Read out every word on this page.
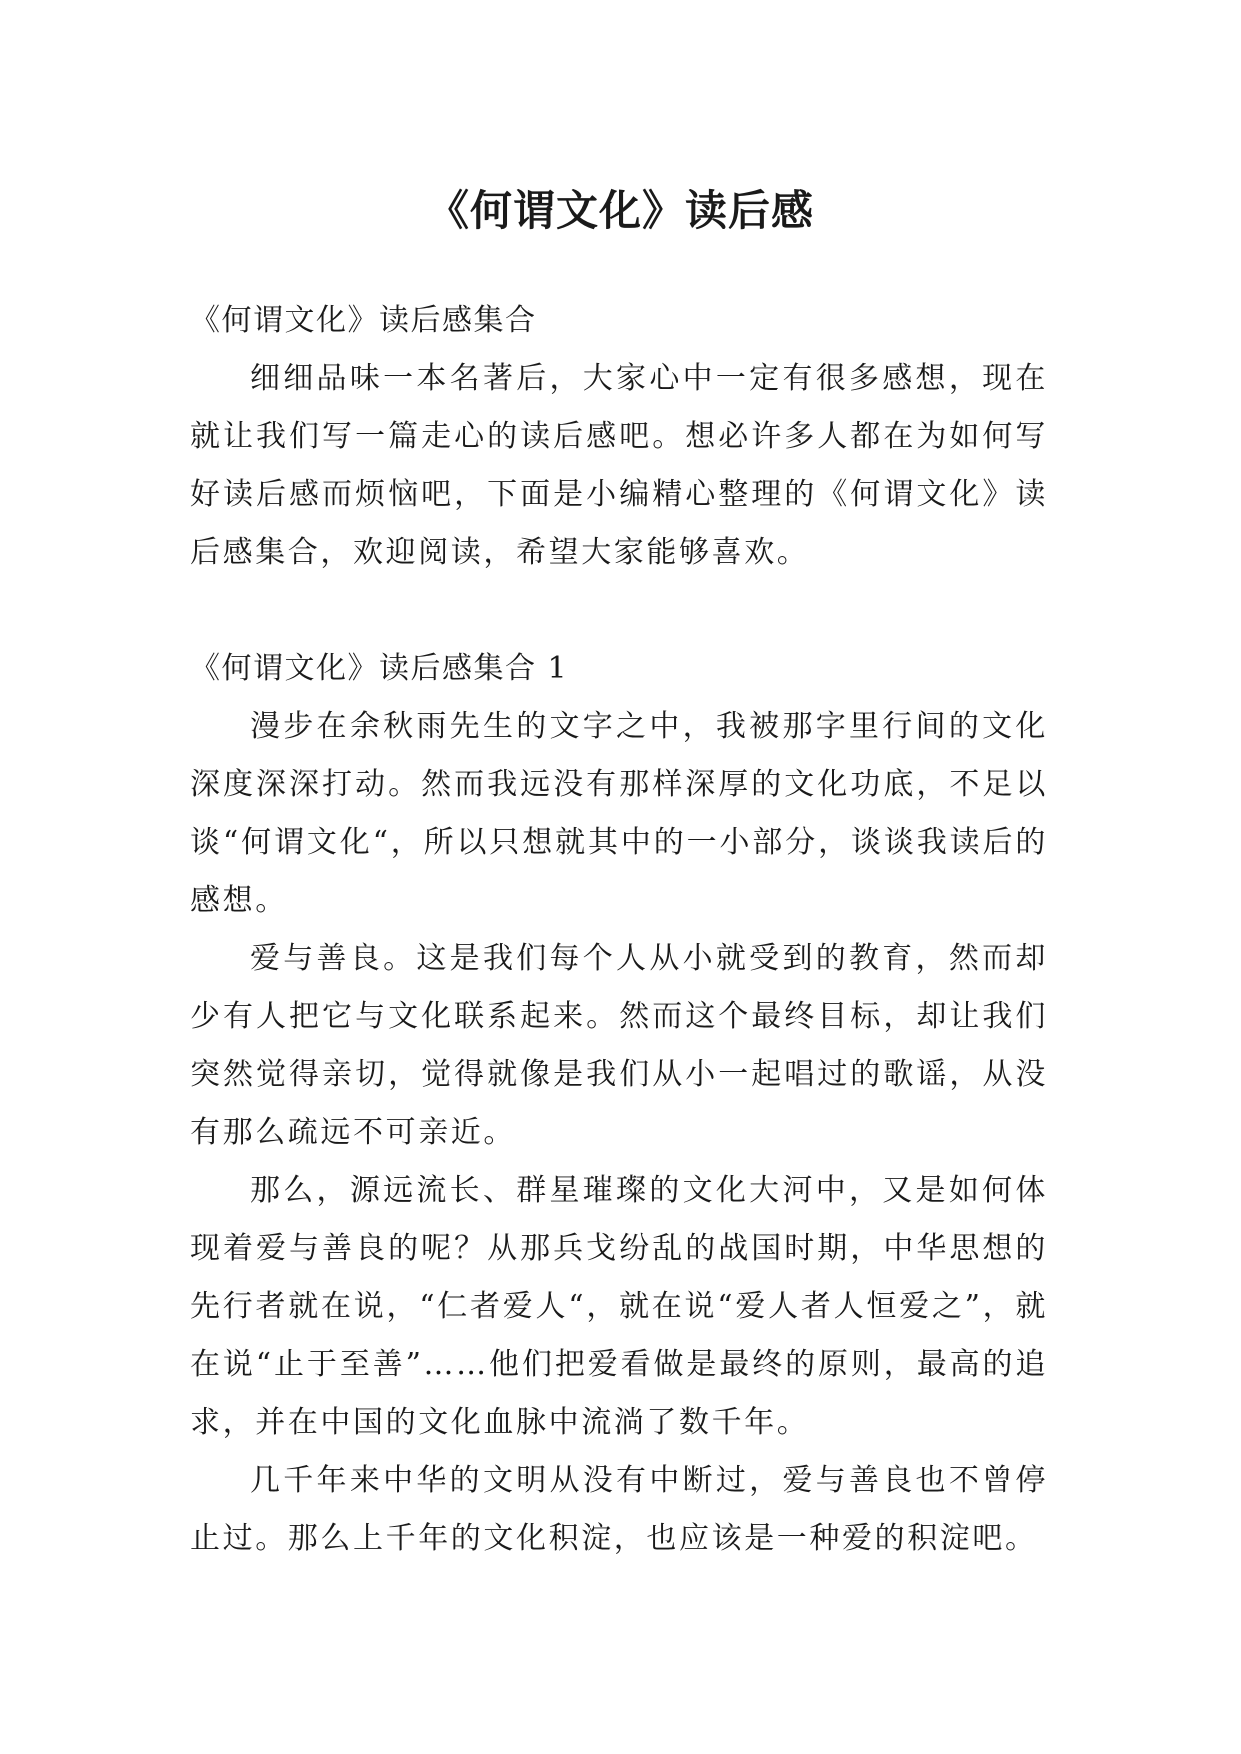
《何谓文化》读后感

《何谓文化》读后感集合

细细品味一本名著后，大家心中一定有很多感想，现在就让我们写一篇走心的读后感吧。想必许多人都在为如何写好读后感而烦恼吧，下面是小编精心整理的《何谓文化》读后感集合，欢迎阅读，希望大家能够喜欢。

《何谓文化》读后感集合 1

漫步在余秋雨先生的文字之中，我被那字里行间的文化深度深深打动。然而我远没有那样深厚的文化功底，不足以谈“何谓文化“，所以只想就其中的一小部分，谈谈我读后的感想。

爱与善良。这是我们每个人从小就受到的教育，然而却少有人把它与文化联系起来。然而这个最终目标，却让我们突然觉得亲切，觉得就像是我们从小一起唱过的歌谣，从没有那么疏远不可亲近。

那么，源远流长、群星璀璨的文化大河中，又是如何体现着爱与善良的呢？从那兵戈纷乱的战国时期，中华思想的先行者就在说，“仁者爱人“，就在说“爱人者人恒爱之”，就在说“止于至善”……他们把爱看做是最终的原则，最高的追求，并在中国的文化血脉中流淌了数千年。

几千年来中华的文明从没有中断过，爱与善良也不曾停止过。那么上千年的文化积淀，也应该是一种爱的积淀吧。
